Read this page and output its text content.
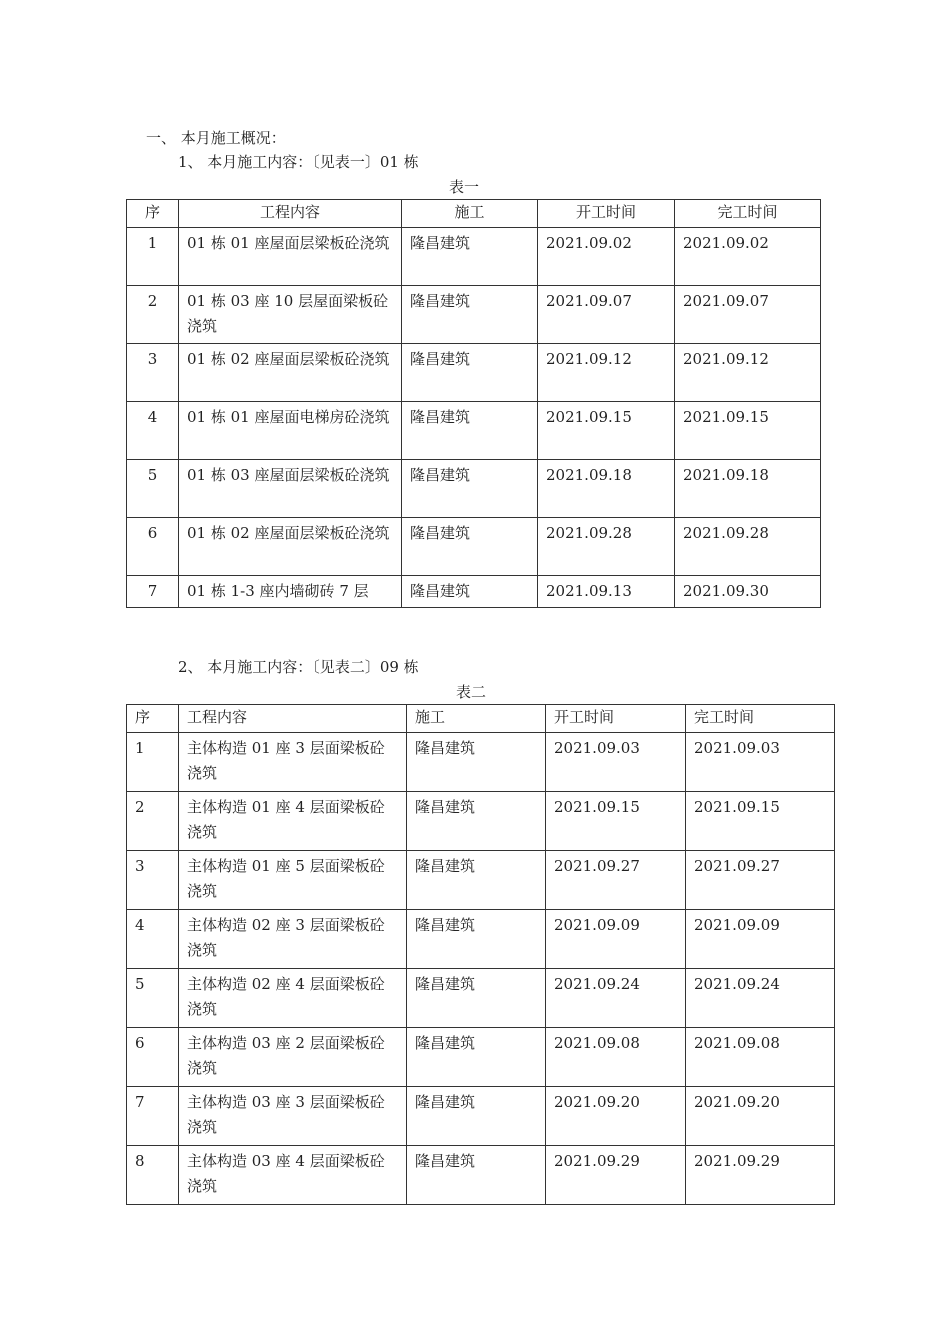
一、 本月施工概况：
1、 本月施工内容：〔见表一〕01 栋
表一
序	工程内容	施工	开工时间	完工时间

1	01 栋 01 座屋面层梁板砼浇筑	隆昌建筑	2021.09.02	2021.09.02

2	01 栋 03 座 10 层屋面梁板砼浇筑	隆昌建筑	2021.09.07	2021.09.07

3	01 栋 02 座屋面层梁板砼浇筑	隆昌建筑	2021.09.12	2021.09.12

4	01 栋 01 座屋面电梯房砼浇筑	隆昌建筑	2021.09.15	2021.09.15

5	01 栋 03 座屋面层梁板砼浇筑	隆昌建筑	2021.09.18	2021.09.18

6	01 栋 02 座屋面层梁板砼浇筑	隆昌建筑	2021.09.28	2021.09.28

7	01 栋 1-3 座内墙砌砖 7 层	隆昌建筑	2021.09.13	2021.09.30
2、 本月施工内容：〔见表二〕09 栋
表二
序	工程内容	施工	开工时间	完工时间

1	主体构造 01 座 3 层面梁板砼浇筑	隆昌建筑	2021.09.03	2021.09.03

2	主体构造 01 座 4 层面梁板砼浇筑	隆昌建筑	2021.09.15	2021.09.15

3	主体构造 01 座 5 层面梁板砼浇筑	隆昌建筑	2021.09.27	2021.09.27

4	主体构造 02 座 3 层面梁板砼浇筑	隆昌建筑	2021.09.09	2021.09.09

5	主体构造 02 座 4 层面梁板砼浇筑	隆昌建筑	2021.09.24	2021.09.24

6	主体构造 03 座 2 层面梁板砼浇筑	隆昌建筑	2021.09.08	2021.09.08

7	主体构造 03 座 3 层面梁板砼浇筑	隆昌建筑	2021.09.20	2021.09.20

8	主体构造 03 座 4 层面梁板砼浇筑	隆昌建筑	2021.09.29	2021.09.29
